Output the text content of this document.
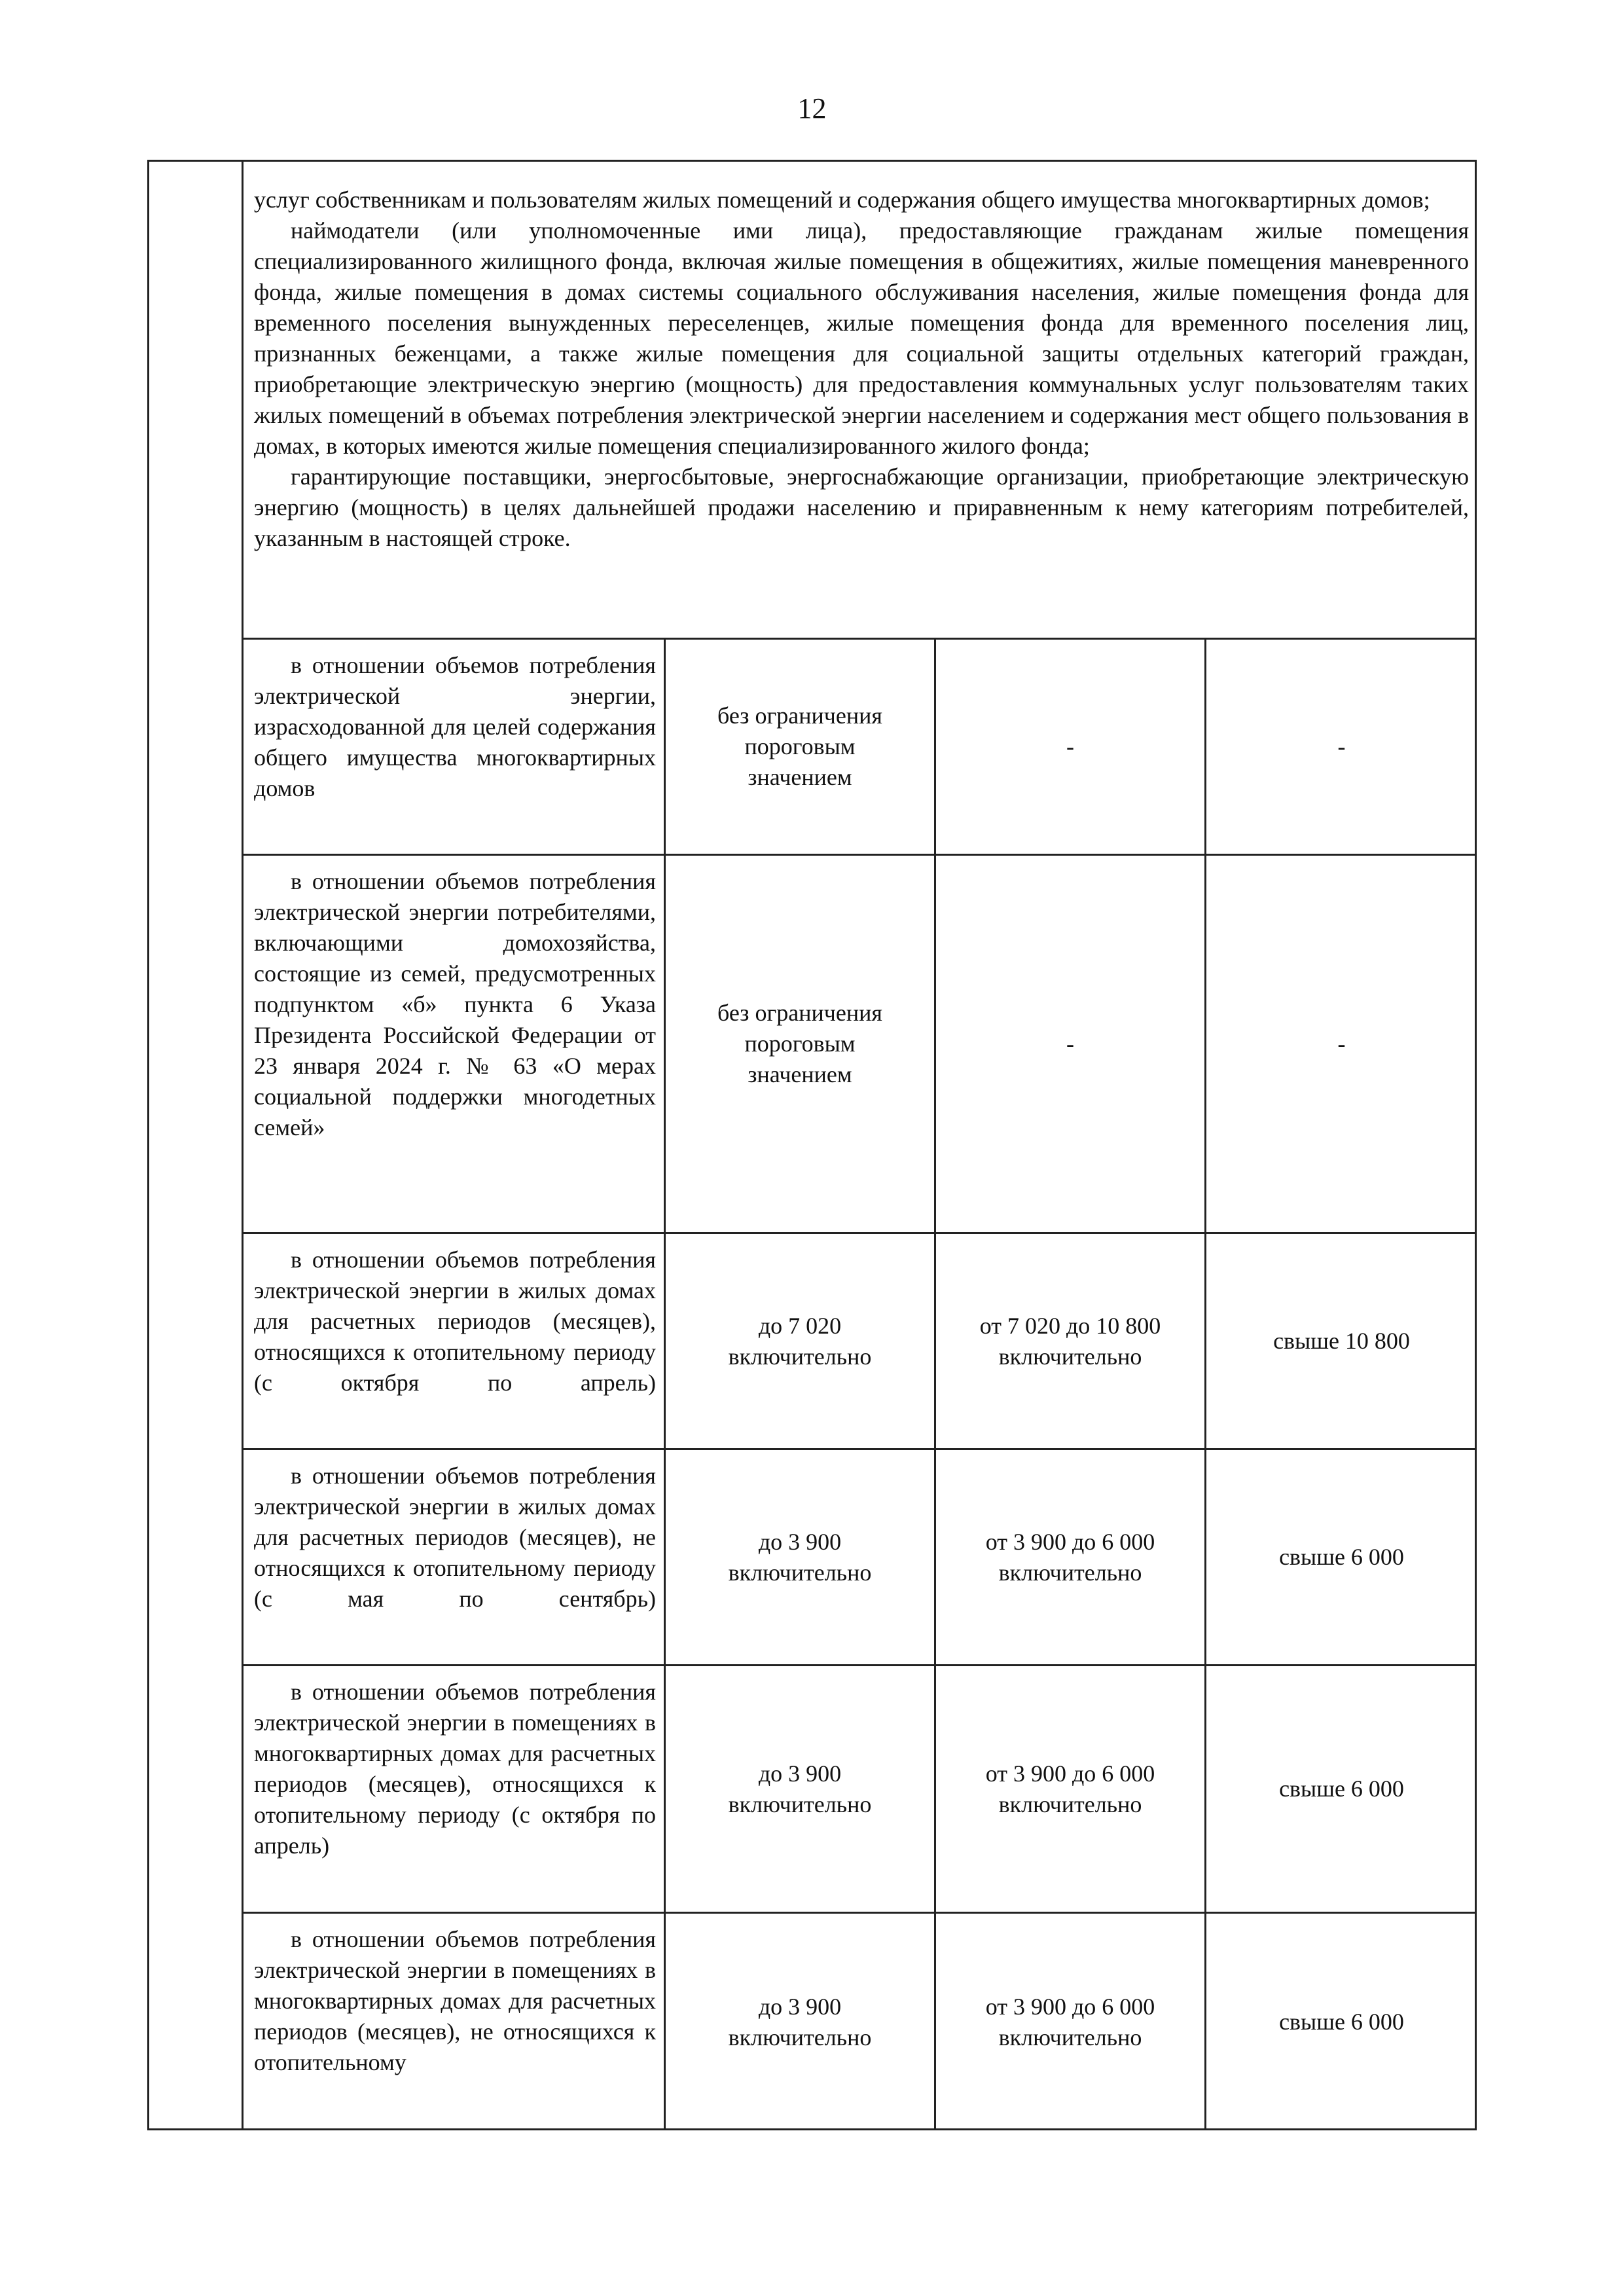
12

услуг собственникам и пользователям жилых помещений и содержания общего имущества многоквартирных домов;

наймодатели (или уполномоченные ими лица), предоставляющие гражданам жилые помещения специализированного жилищного фонда, включая жилые помещения в общежитиях, жилые помещения маневренного фонда, жилые помещения в домах системы социального обслуживания населения, жилые помещения фонда для временного поселения вынужденных переселенцев, жилые помещения фонда для временного поселения лиц, признанных беженцами, а также жилые помещения для социальной защиты отдельных категорий граждан, приобретающие электрическую энергию (мощность) для предоставления коммунальных услуг пользователям таких жилых помещений в объемах потребления электрической энергии населением и содержания мест общего пользования в домах, в которых имеются жилые помещения специализированного жилого фонда;

гарантирующие поставщики, энергосбытовые, энергоснабжающие организации, приобретающие электрическую энергию (мощность) в целях дальнейшей продажи населению и приравненным к нему категориям потребителей, указанным в настоящей строке.

в отношении объемов потребления электрической энергии, израсходованной для целей содержания общего имущества многоквартирных домов
без ограничения пороговым значением
-	-
в отношении объемов потребления электрической энергии потребителями, включающими домохозяйства, состоящие из семей, предусмотренных подпунктом «б» пункта 6 Указа Президента Российской Федерации от 23 января 2024 г. № 63 «О мерах социальной поддержки многодетных семей»
без ограничения пороговым значением
-	-
в отношении объемов потребления электрической энергии в жилых домах для расчетных периодов (месяцев), относящихся к отопительному периоду (с октября по апрель)
до 7 020 включительно
от 7 020 до 10 800 включительно
свыше 10 800
в отношении объемов потребления электрической энергии в жилых домах для расчетных периодов (месяцев), не относящихся к отопительному периоду (с мая по сентябрь)
до 3 900 включительно
от 3 900 до 6 000 включительно
свыше 6 000
в отношении объемов потребления электрической энергии в помещениях в многоквартирных домах для расчетных периодов (месяцев), относящихся к отопительному периоду (с октября по апрель)
до 3 900 включительно
от 3 900 до 6 000 включительно
свыше 6 000
в отношении объемов потребления электрической энергии в помещениях в многоквартирных домах для расчетных периодов (месяцев), не относящихся к отопительному
до 3 900 включительно
от 3 900 до 6 000 включительно
свыше 6 000
